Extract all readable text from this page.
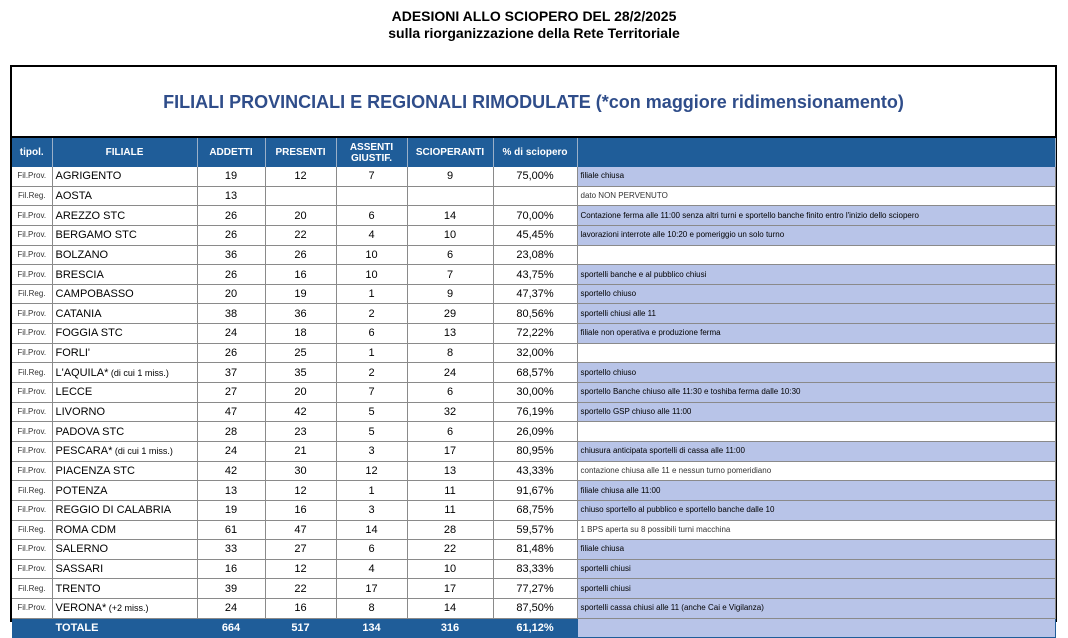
ADESIONI ALLO SCIOPERO DEL 28/2/2025
sulla riorganizzazione della Rete Territoriale
FILIALI PROVINCIALI E REGIONALI RIMODULATE (*con maggiore ridimensionamento)
tipol.	FILIALE	ADDETTI	PRESENTI	ASSENTI GIUSTIF.	SCIOPERANTI	% di sciopero	
Fil.Prov.	AGRIGENTO	19	12	7	9	75,00%	filiale chiusa
Fil.Reg.	AOSTA	13					dato NON PERVENUTO
Fil.Prov.	AREZZO STC	26	20	6	14	70,00%	Contazione ferma alle 11:00 senza altri turni e sportello banche finito entro l'inizio dello sciopero
Fil.Prov.	BERGAMO STC	26	22	4	10	45,45%	lavorazioni interrote alle 10:20 e pomeriggio un solo turno
Fil.Prov.	BOLZANO	36	26	10	6	23,08%	
Fil.Prov.	BRESCIA	26	16	10	7	43,75%	sportelli banche e al pubblico chiusi
Fil.Reg.	CAMPOBASSO	20	19	1	9	47,37%	sportello chiuso
Fil.Prov.	CATANIA	38	36	2	29	80,56%	sportelli chiusi alle 11
Fil.Prov.	FOGGIA STC	24	18	6	13	72,22%	filiale non operativa e produzione ferma
Fil.Prov.	FORLI'	26	25	1	8	32,00%	
Fil.Reg.	L'AQUILA* (di cui 1 miss.)	37	35	2	24	68,57%	sportello chiuso
Fil.Prov.	LECCE	27	20	7	6	30,00%	sportello Banche chiuso alle 11:30 e toshiba ferma dalle 10:30
Fil.Prov.	LIVORNO	47	42	5	32	76,19%	sportello GSP chiuso alle 11:00
Fil.Prov.	PADOVA STC	28	23	5	6	26,09%	
Fil.Prov.	PESCARA* (di cui 1 miss.)	24	21	3	17	80,95%	chiusura anticipata sportelli di cassa alle 11:00
Fil.Prov.	PIACENZA STC	42	30	12	13	43,33%	contazione chiusa alle 11 e nessun turno pomeridiano
Fil.Reg.	POTENZA	13	12	1	11	91,67%	filiale chiusa alle 11:00
Fil.Prov.	REGGIO DI CALABRIA	19	16	3	11	68,75%	chiuso sportello al pubblico e sportello banche dalle 10
Fil.Reg.	ROMA CDM	61	47	14	28	59,57%	1 BPS aperta su 8 possibili turni macchina
Fil.Prov.	SALERNO	33	27	6	22	81,48%	filiale chiusa
Fil.Prov.	SASSARI	16	12	4	10	83,33%	sportelli chiusi
Fil.Reg.	TRENTO	39	22	17	17	77,27%	sportelli chiusi
Fil.Prov.	VERONA* (+2 miss.)	24	16	8	14	87,50%	sportelli cassa chiusi alle 11 (anche Cai e Vigilanza)
	TOTALE	664	517	134	316	61,12%	
